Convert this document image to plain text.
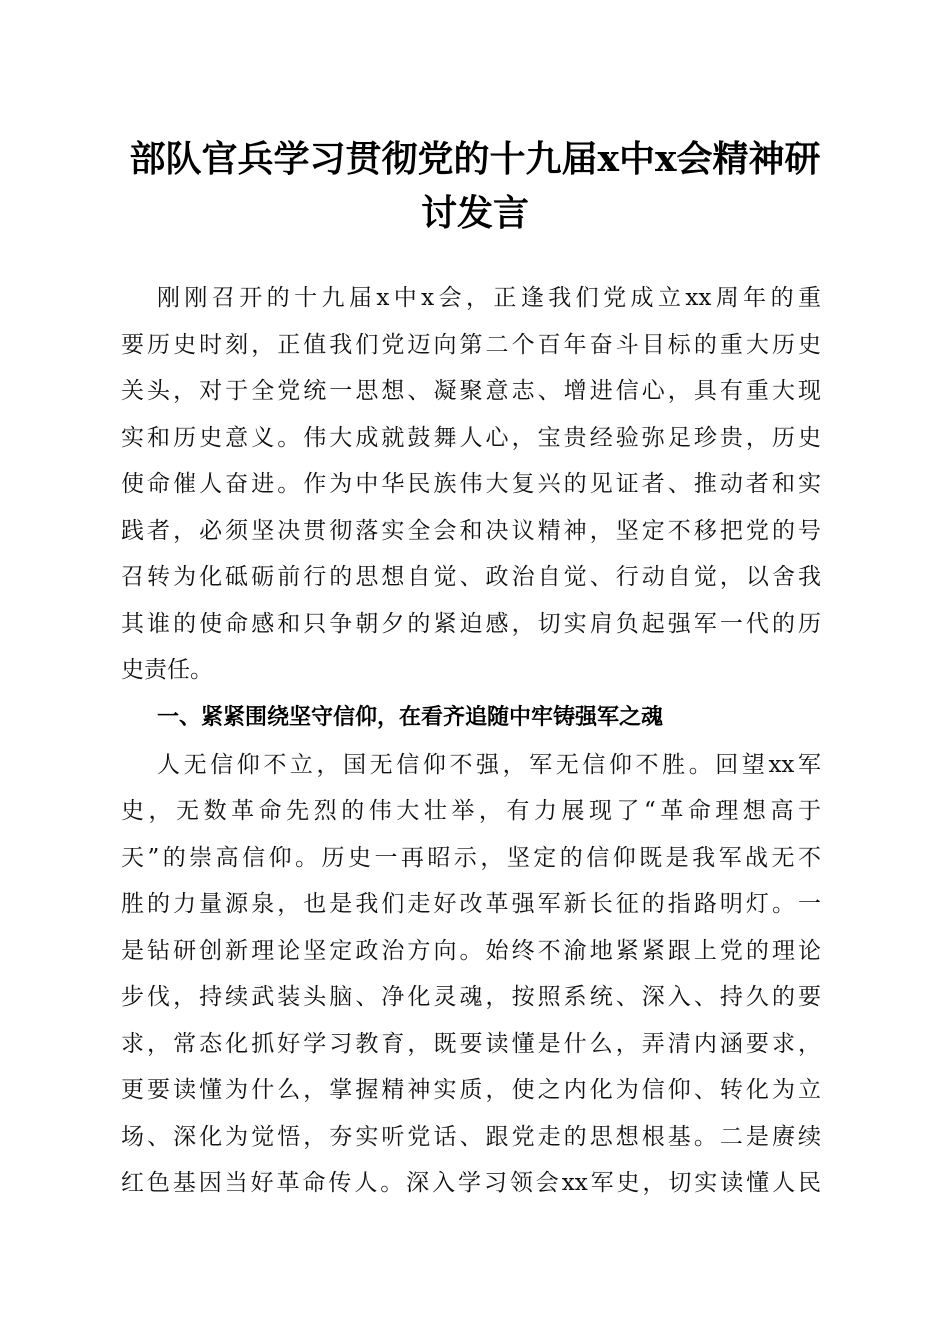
部队官兵学习贯彻党的十九届x中x会精神研
讨发言
刚刚召开的十九届x中x会，正逢我们党成立xx周年的重
要历史时刻，正值我们党迈向第二个百年奋斗目标的重大历史
关头，对于全党统一思想、凝聚意志、增进信心，具有重大现
实和历史意义。伟大成就鼓舞人心，宝贵经验弥足珍贵，历史
使命催人奋进。作为中华民族伟大复兴的见证者、推动者和实
践者，必须坚决贯彻落实全会和决议精神，坚定不移把党的号
召转为化砥砺前行的思想自觉、政治自觉、行动自觉，以舍我
其谁的使命感和只争朝夕的紧迫感，切实肩负起强军一代的历
史责任。
一、紧紧围绕坚守信仰，在看齐追随中牢铸强军之魂
人无信仰不立，国无信仰不强，军无信仰不胜。回望xx军
史，无数革命先烈的伟大壮举，有力展现了“革命理想高于
天”的崇高信仰。历史一再昭示，坚定的信仰既是我军战无不
胜的力量源泉，也是我们走好改革强军新长征的指路明灯。一
是钻研创新理论坚定政治方向。始终不渝地紧紧跟上党的理论
步伐，持续武装头脑、净化灵魂，按照系统、深入、持久的要
求，常态化抓好学习教育，既要读懂是什么，弄清内涵要求，
更要读懂为什么，掌握精神实质，使之内化为信仰、转化为立
场、深化为觉悟，夯实听党话、跟党走的思想根基。二是赓续
红色基因当好革命传人。深入学习领会xx军史，切实读懂人民
